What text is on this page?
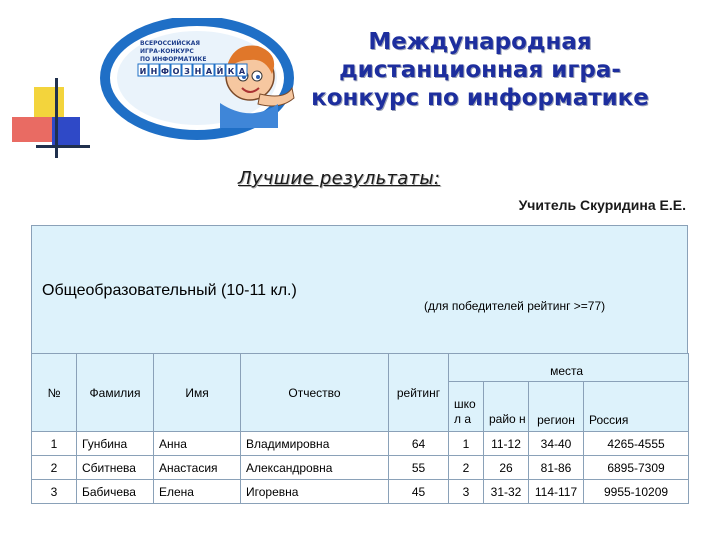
ВСЕРОССИЙСКАЯ
ИГРА-КОНКУРС
ПО ИНФОРМАТИКЕ
И Н Ф О З Н А Й К А
Международная
дистанционная игра-
конкурс по информатике
Лучшие результаты:
Учитель Скуридина Е.Е.
Общеобразовательный (10-11 кл.)
(для победителей рейтинг >=77)
№	Фамилия	Имя	Отчество	рейтинг	места			
					школ а	райо н	регион	Россия
1	Гунбина	Анна	Владимировна	64	1	11-12	34-40	4265-4555
2	Сбитнева	Анастасия	Александровна	55	2	26	81-86	6895-7309
3	Бабичева	Елена	Игоревна	45	3	31-32	114-117	9955-10209
